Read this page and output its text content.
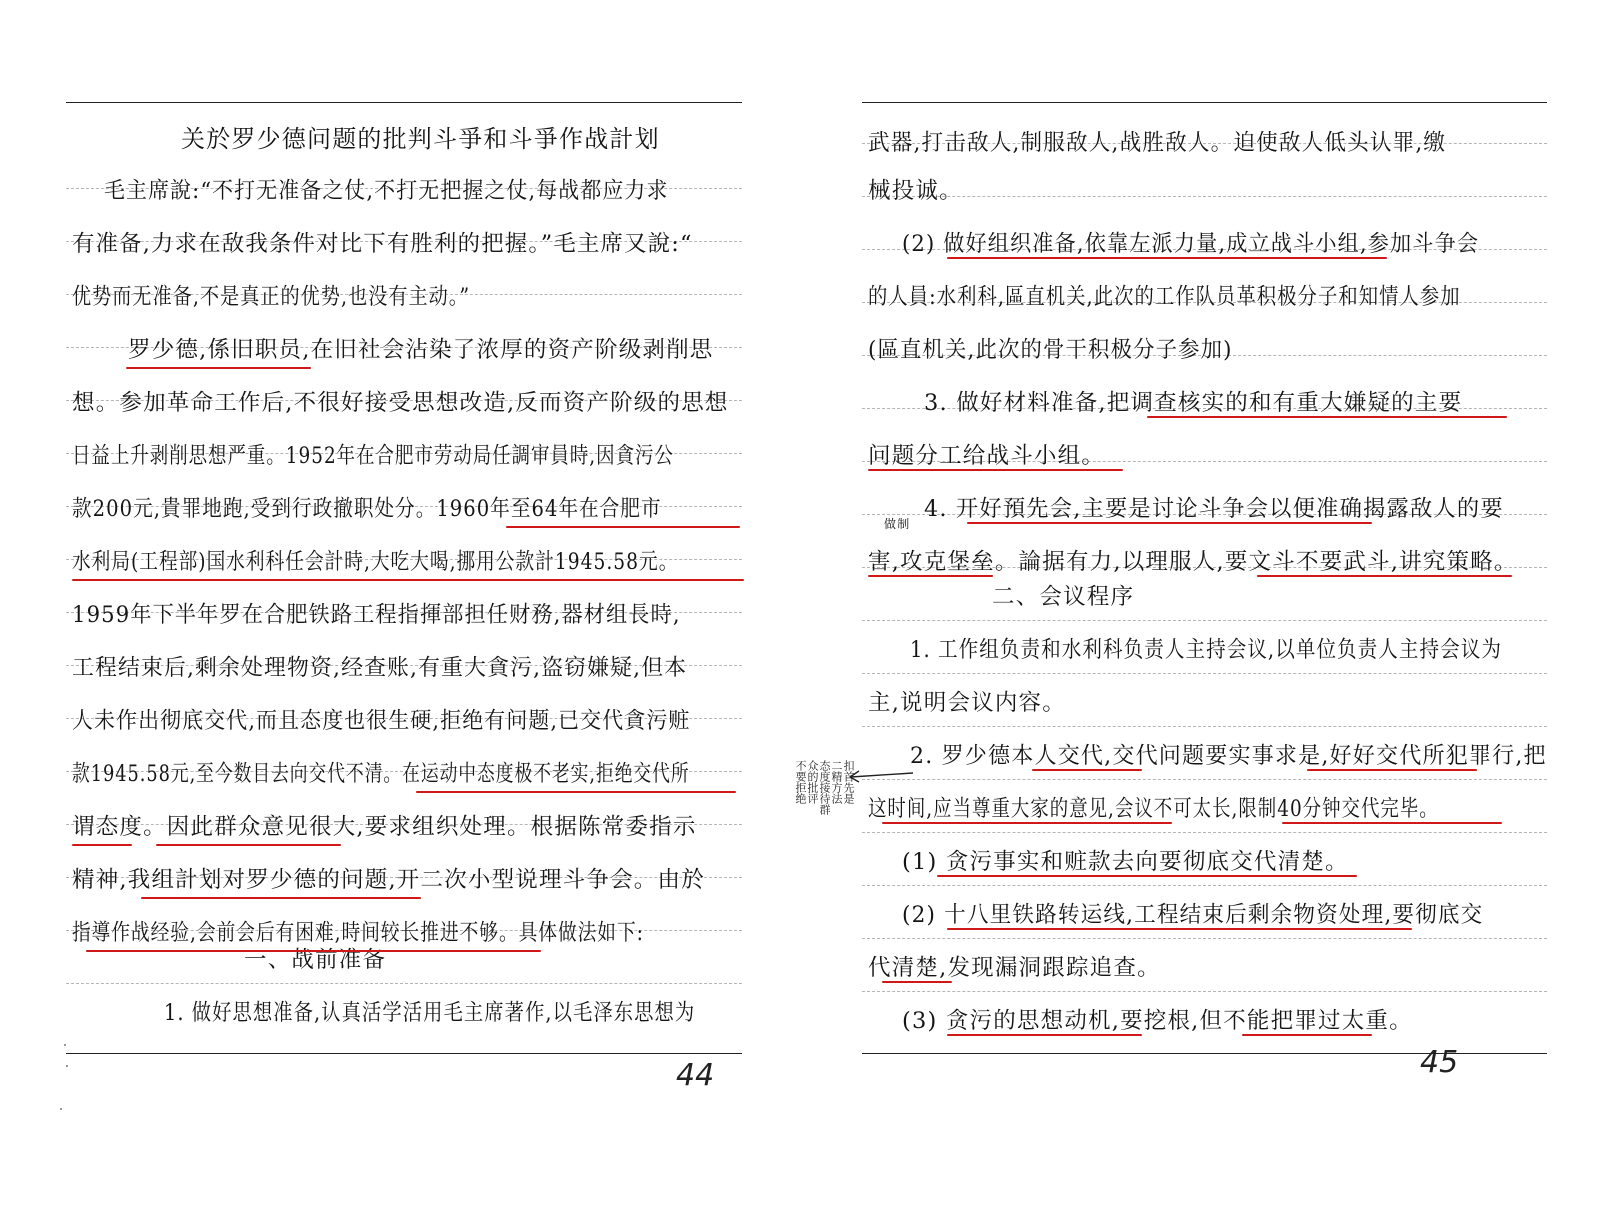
关於罗少德问题的批判斗爭和斗爭作战計划
毛主席說:“不打无准备之仗,不打无把握之仗,每战都应力求
有准备,力求在敌我条件对比下有胜利的把握。”毛主席又說:“
优势而无准备,不是真正的优势,也没有主动。”
罗少德,係旧职员,在旧社会沾染了浓厚的资产阶级剥削思
想。参加革命工作后,不很好接受思想改造,反而资产阶级的思想
日益上升剥削思想严重。1952年在合肥市劳动局任調审員時,因貪污公
款200元,貴罪地跑,受到行政撤职处分。1960年至64年在合肥市
水利局(工程部)国水利科任会計時,大吃大喝,挪用公款計1945.58元。
1959年下半年罗在合肥铁路工程指揮部担任财務,器材组長時,
工程结束后,剩余处理物资,经查账,有重大貪污,盗窃嫌疑,但本
人未作出彻底交代,而且态度也很生硬,拒绝有问题,已交代貪污赃
款1945.58元,至今数目去向交代不清。在运动中态度极不老实,拒绝交代所
谓态度。因此群众意见很大,要求组织处理。根据陈常委指示
精神,我组計划对罗少德的问题,开二次小型说理斗争会。由於
指導作战经验,会前会后有困难,時间较长推进不够。具体做法如下:
一、战前准备
1. 做好思想准备,认真活学活用毛主席著作,以毛泽东思想为
44
武器,打击敌人,制服敌人,战胜敌人。迫使敌人低头认罪,缴
械投诚。
(2) 做好组织准备,依靠左派力量,成立战斗小组,参加斗争会
的人員:水利科,區直机关,此次的工作队员革积极分子和知情人参加
(區直机关,此次的骨干积极分子参加)
3. 做好材料准备,把调查核实的和有重大嫌疑的主要
问题分工给战斗小组。
4. 开好預先会,主要是讨论斗争会以便准确揭露敌人的要
害,攻克堡垒。論据有力,以理服人,要文斗不要武斗,讲究策略。
二、会议程序
1. 工作组负责和水利科负责人主持会议,以单位负责人主持会议为
主,说明会议内容。
2. 罗少德本人交代,交代问题要实事求是,好好交代所犯罪行,把
这时间,应当尊重大家的意见,会议不可太长,限制40分钟交代完毕。
(1) 贪污事实和赃款去向要彻底交代清楚。
(2) 十八里铁路转运线,工程结束后剩余物资处理,要彻底交
代清楚,发现漏洞跟踪追查。
(3) 贪污的思想动机,要挖根,但不能把罪过太重。
做制
45
扣首先是
二精方法
态度接待群
众的批评
不要拒绝
